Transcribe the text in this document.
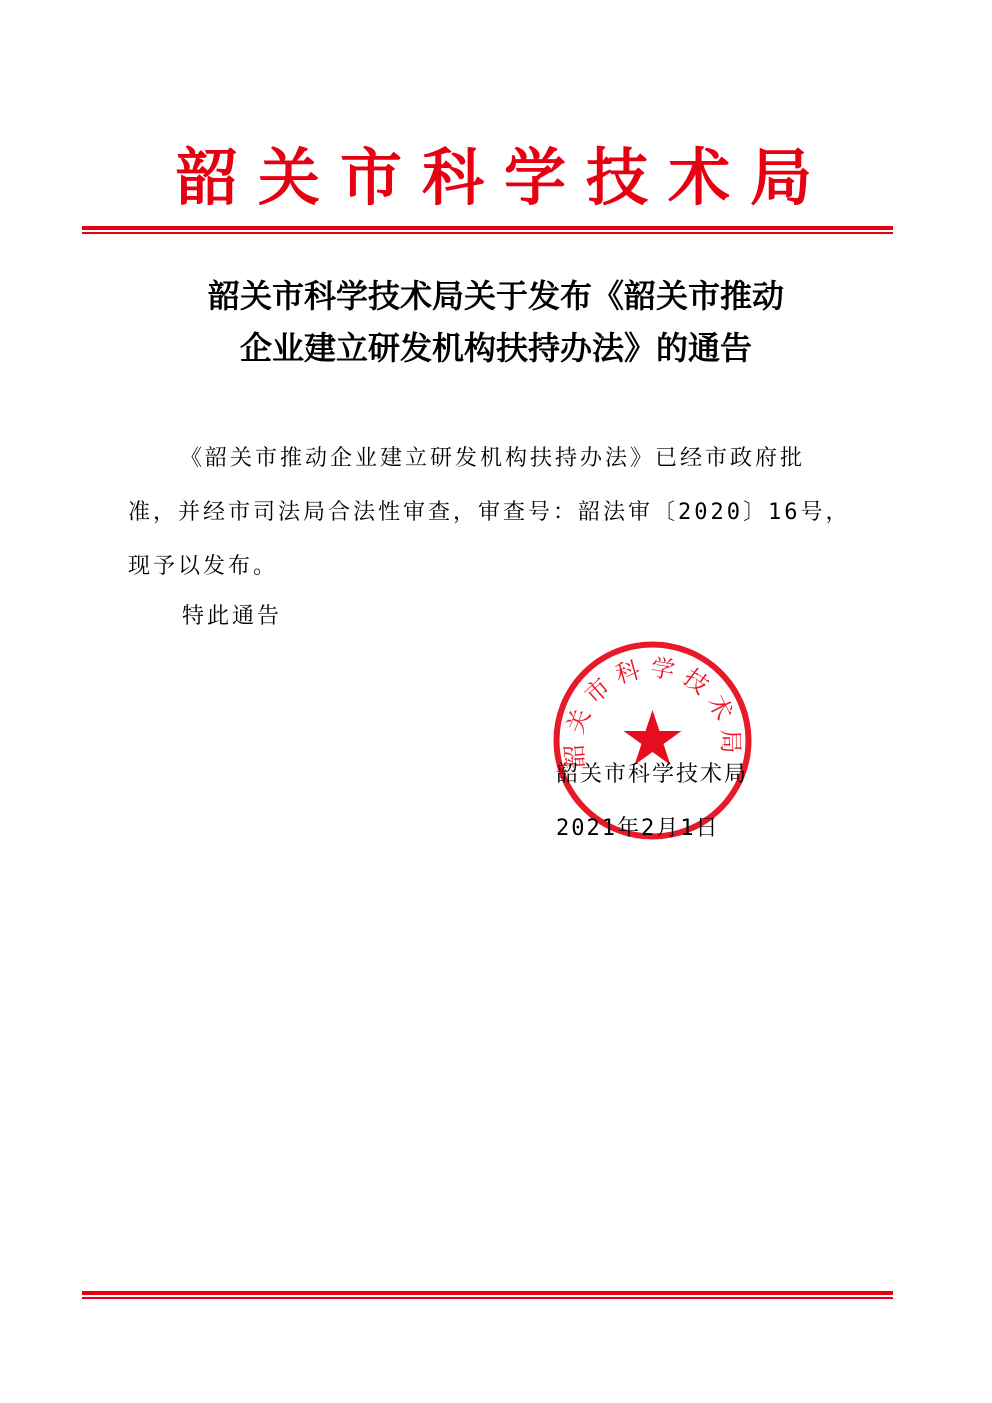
韶关市科学技术局
韶关市科学技术局关于发布《韶关市推动
企业建立研发机构扶持办法》的通告

《韶关市推动企业建立研发机构扶持办法》已经市政府批

准，并经市司法局合法性审查，审查号：韶法审〔2020〕16号，

现予以发布。

特此通告
韶关市科学技术局
韶关市科学技术局
2021年2月1日
